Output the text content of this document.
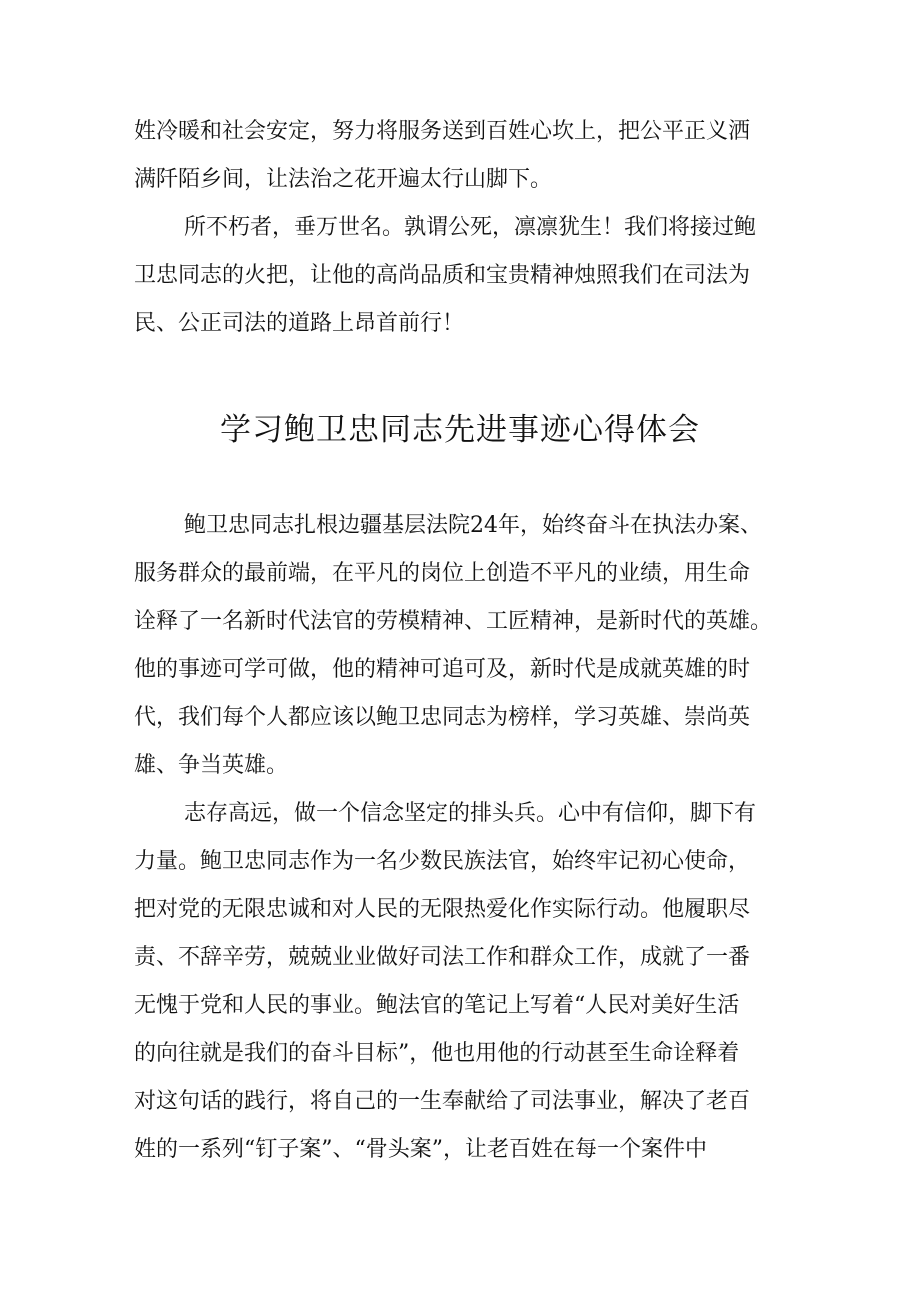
姓冷暖和社会安定，努力将服务送到百姓心坎上，把公平正义洒
满阡陌乡间，让法治之花开遍太行山脚下。
所不朽者，垂万世名。孰谓公死，凛凛犹生！我们将接过鲍
卫忠同志的火把，让他的高尚品质和宝贵精神烛照我们在司法为
民、公正司法的道路上昂首前行！
学习鲍卫忠同志先进事迹心得体会
鲍卫忠同志扎根边疆基层法院24年，始终奋斗在执法办案、
服务群众的最前端，在平凡的岗位上创造不平凡的业绩，用生命
诠释了一名新时代法官的劳模精神、工匠精神，是新时代的英雄。
他的事迹可学可做，他的精神可追可及，新时代是成就英雄的时
代，我们每个人都应该以鲍卫忠同志为榜样，学习英雄、崇尚英
雄、争当英雄。
志存高远，做一个信念坚定的排头兵。心中有信仰，脚下有
力量。鲍卫忠同志作为一名少数民族法官，始终牢记初心使命，
把对党的无限忠诚和对人民的无限热爱化作实际行动。他履职尽
责、不辞辛劳，兢兢业业做好司法工作和群众工作，成就了一番
无愧于党和人民的事业。鲍法官的笔记上写着“人民对美好生活
的向往就是我们的奋斗目标”，他也用他的行动甚至生命诠释着
对这句话的践行，将自己的一生奉献给了司法事业，解决了老百
姓的一系列“钉子案”、“骨头案”，让老百姓在每一个案件中
